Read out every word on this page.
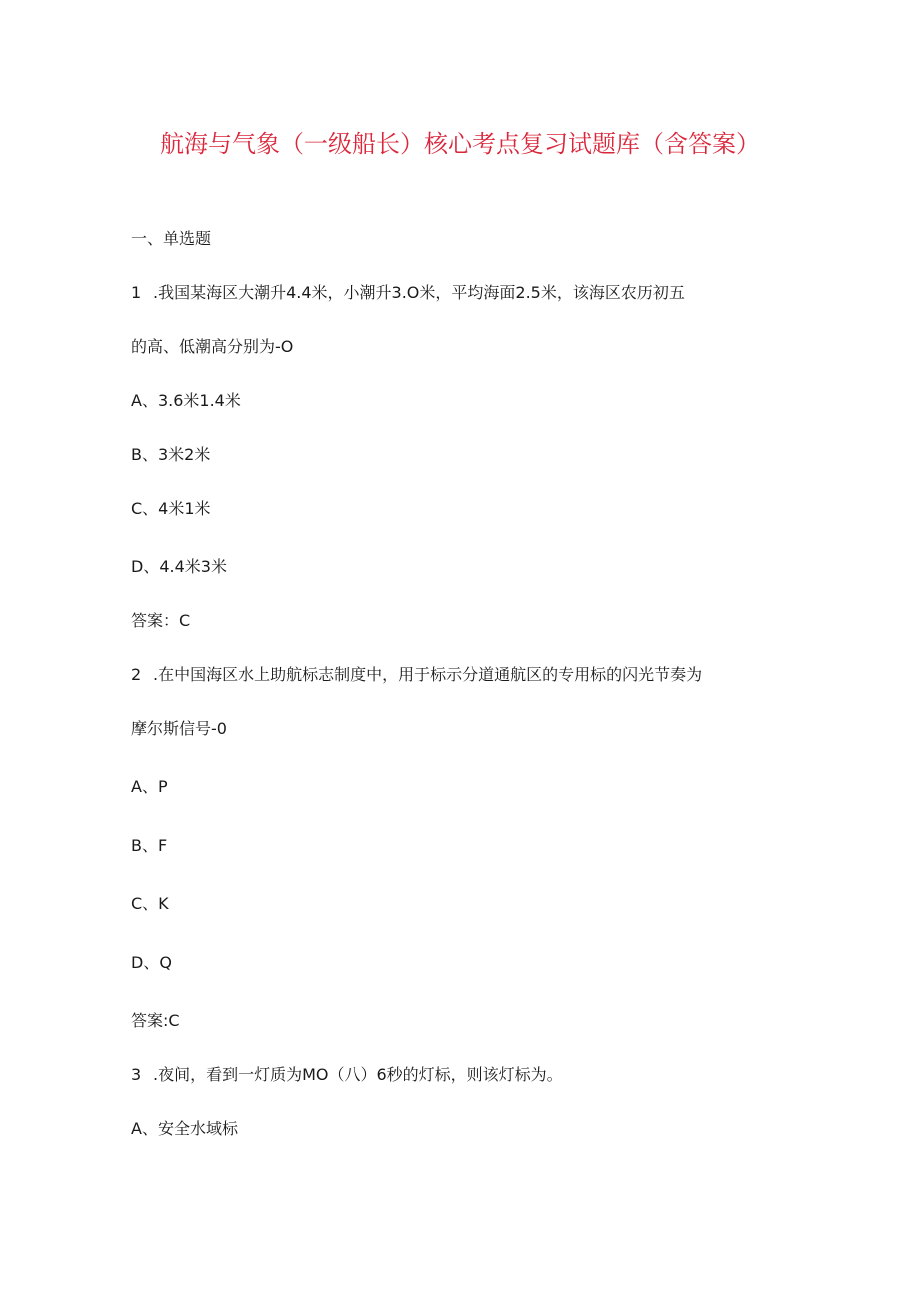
航海与气象（一级船长）核心考点复习试题库（含答案）
一、单选题
1 .我国某海区大潮升4.4米，小潮升3.O米，平均海面2.5米，该海区农历初五
的高、低潮高分别为-O
A、3.6米1.4米
B、3米2米
C、4米1米
D、4.4米3米
答案：C
2 .在中国海区水上助航标志制度中，用于标示分道通航区的专用标的闪光节奏为
摩尔斯信号-0
A、P
B、F
C、K
D、Q
答案:C
3 .夜间，看到一灯质为MO（八）6秒的灯标，则该灯标为。
A、安全水域标
